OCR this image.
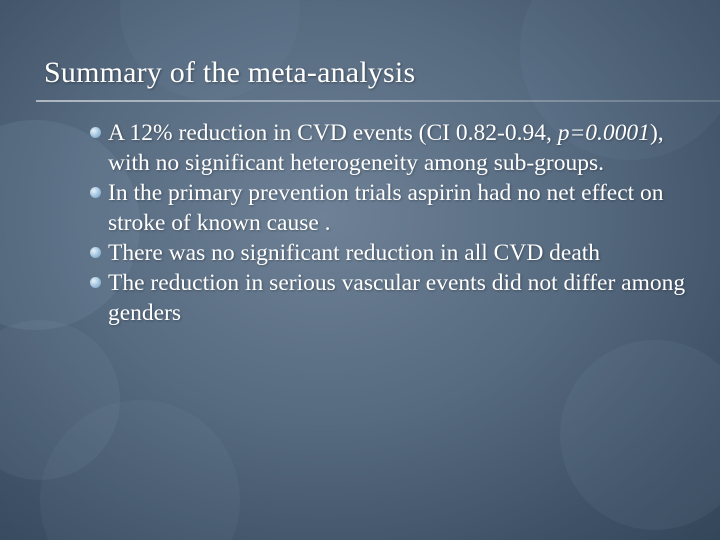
Summary of the meta-analysis
A 12% reduction in CVD events (CI 0.82-0.94, p=0.0001), with no significant heterogeneity among sub-groups.
In the primary prevention trials aspirin had no net effect on stroke of known cause .
There was no significant reduction in all CVD death
The reduction in serious vascular events did not differ among genders
